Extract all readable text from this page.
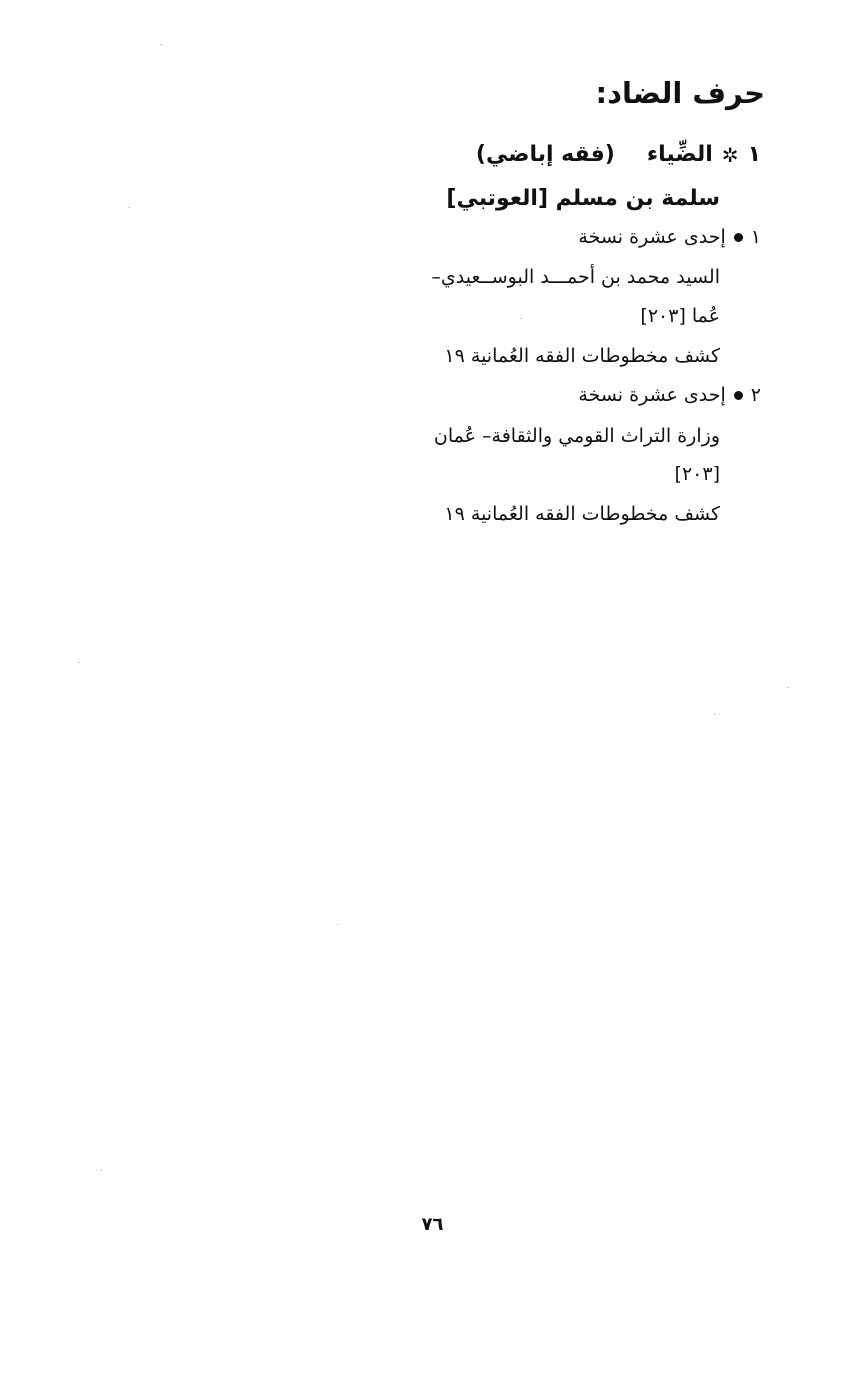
حرف الضاد:
١
✲
الضِّياء
(فقه إباضي)
سلمة بن مسلم [العوتبي]
١
إحدى عشرة نسخة
السيد محمد بن أحمـــد البوســعيدي–
عُما [٢٠٣]
كشف مخطوطات الفقه العُمانية ١٩
٢
إحدى عشرة نسخة
وزارة التراث القومي والثقافة– عُمان
[٢٠٣]
كشف مخطوطات الفقه العُمانية ١٩
٧٦
